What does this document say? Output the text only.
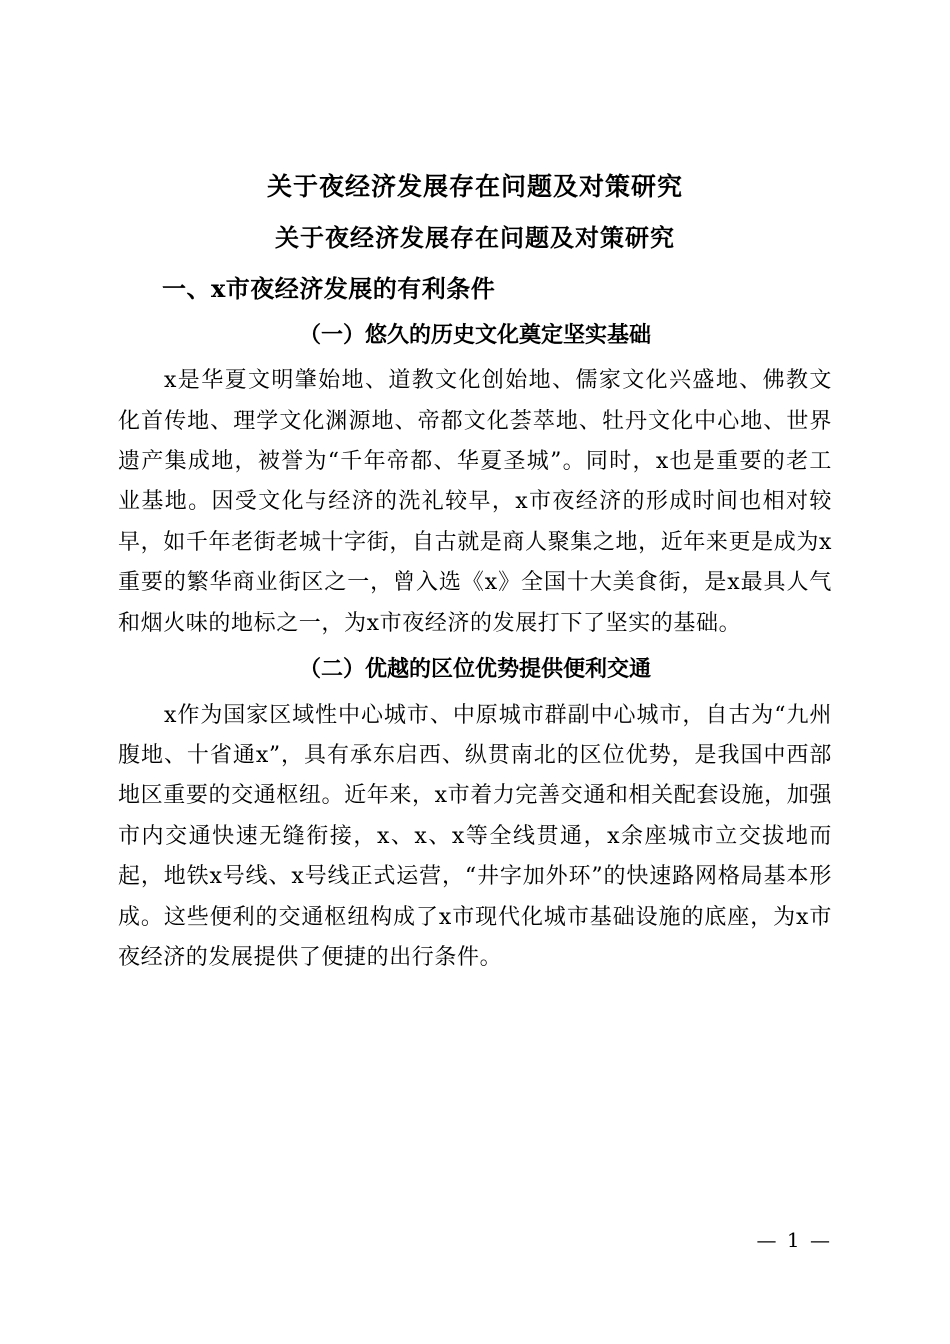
关于夜经济发展存在问题及对策研究
关于夜经济发展存在问题及对策研究
一、x市夜经济发展的有利条件
（一）悠久的历史文化奠定坚实基础

x是华夏文明肇始地、道教文化创始地、儒家文化兴盛地、佛教文化首传地、理学文化渊源地、帝都文化荟萃地、牡丹文化中心地、世界遗产集成地，被誉为“千年帝都、华夏圣城”。同时，x也是重要的老工业基地。因受文化与经济的洗礼较早，x市夜经济的形成时间也相对较早，如千年老街老城十字街，自古就是商人聚集之地，近年来更是成为x重要的繁华商业街区之一，曾入选《x》全国十大美食街，是x最具人气和烟火味的地标之一，为x市夜经济的发展打下了坚实的基础。

（二）优越的区位优势提供便利交通

x作为国家区域性中心城市、中原城市群副中心城市，自古为“九州腹地、十省通x”，具有承东启西、纵贯南北的区位优势，是我国中西部地区重要的交通枢纽。近年来，x市着力完善交通和相关配套设施，加强市内交通快速无缝衔接，x、x、x等全线贯通，x余座城市立交拔地而起，地铁x号线、x号线正式运营，“井字加外环”的快速路网格局基本形成。这些便利的交通枢纽构成了x市现代化城市基础设施的底座，为x市夜经济的发展提供了便捷的出行条件。

— 1 —
